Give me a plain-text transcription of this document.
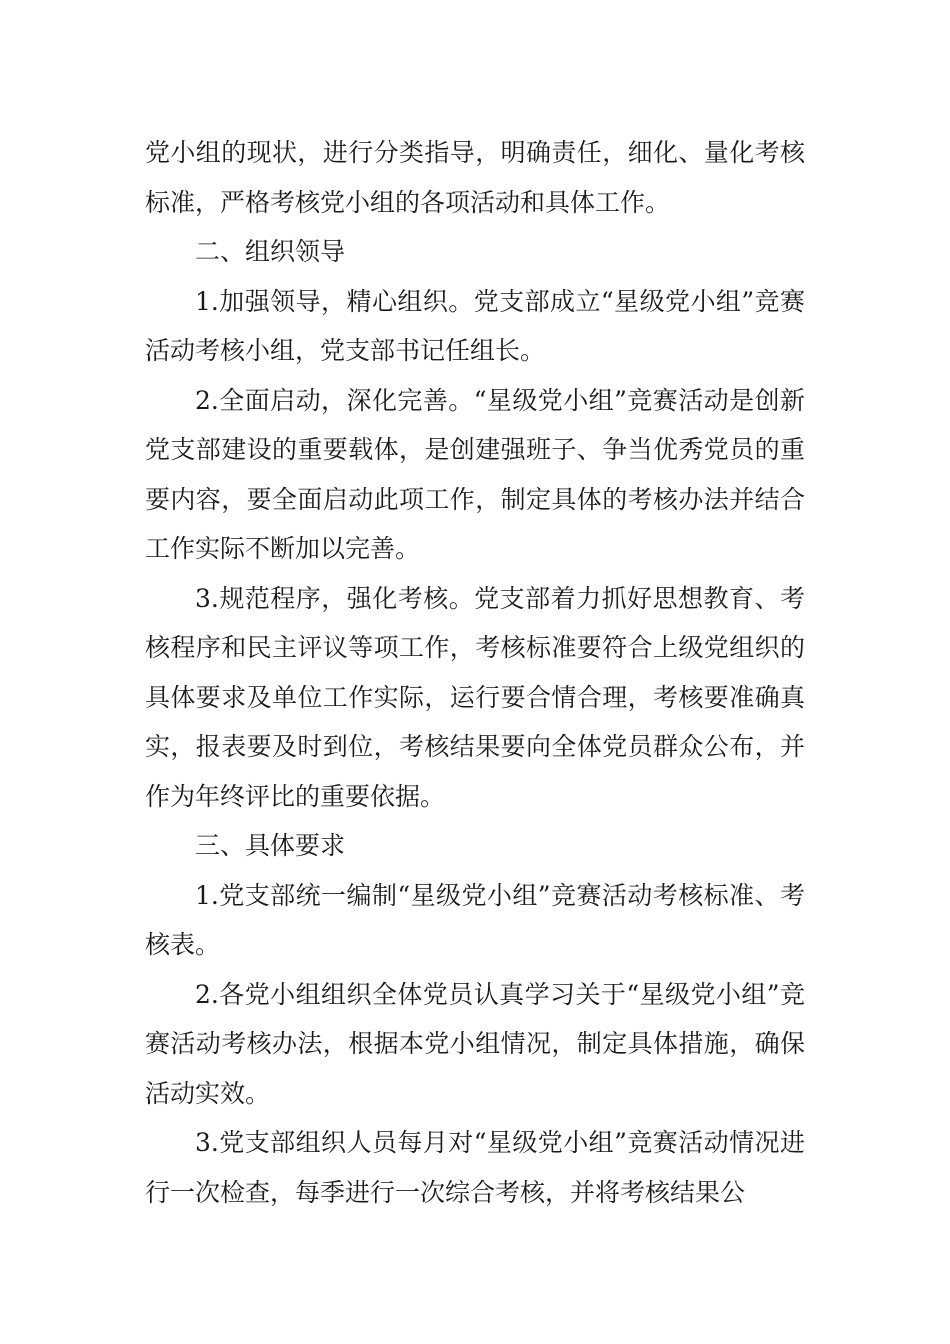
党小组的现状，进行分类指导，明确责任，细化、量化考核标准，严格考核党小组的各项活动和具体工作。

二、组织领导

1.加强领导，精心组织。党支部成立“星级党小组”竞赛活动考核小组，党支部书记任组长。

2.全面启动，深化完善。“星级党小组”竞赛活动是创新党支部建设的重要载体，是创建强班子、争当优秀党员的重要内容，要全面启动此项工作，制定具体的考核办法并结合工作实际不断加以完善。

3.规范程序，强化考核。党支部着力抓好思想教育、考核程序和民主评议等项工作，考核标准要符合上级党组织的具体要求及单位工作实际，运行要合情合理，考核要准确真实，报表要及时到位，考核结果要向全体党员群众公布，并作为年终评比的重要依据。

三、具体要求

1.党支部统一编制“星级党小组”竞赛活动考核标准、考核表。

2.各党小组组织全体党员认真学习关于“星级党小组”竞赛活动考核办法，根据本党小组情况，制定具体措施，确保活动实效。

3.党支部组织人员每月对“星级党小组”竞赛活动情况进行一次检查，每季进行一次综合考核，并将考核结果公
